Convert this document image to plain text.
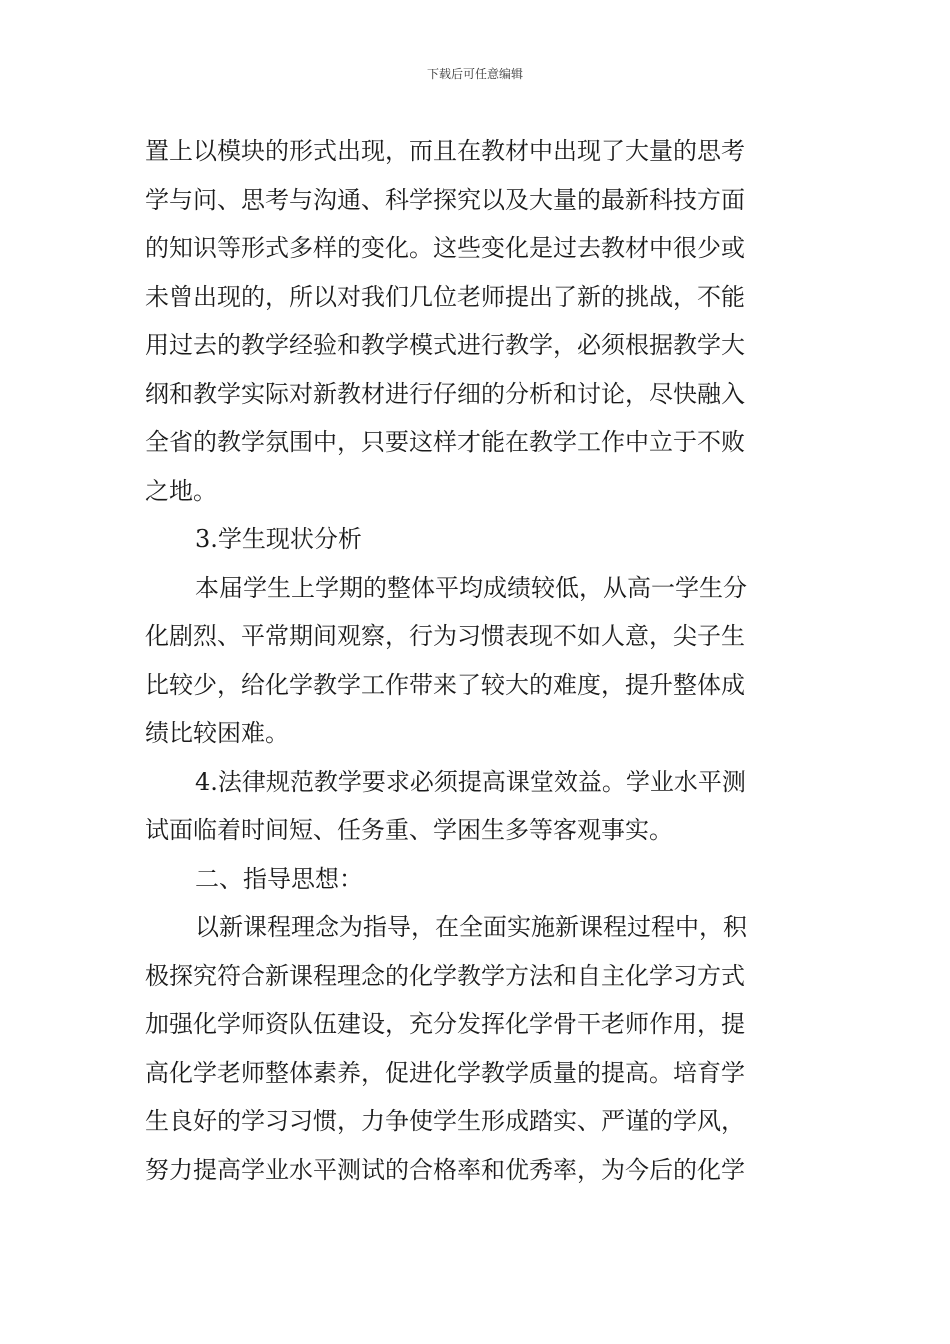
下载后可任意编辑
置上以模块的形式出现，而且在教材中出现了大量的思考
学与问、思考与沟通、科学探究以及大量的最新科技方面
的知识等形式多样的变化。这些变化是过去教材中很少或
未曾出现的，所以对我们几位老师提出了新的挑战，不能
用过去的教学经验和教学模式进行教学，必须根据教学大
纲和教学实际对新教材进行仔细的分析和讨论，尽快融入
全省的教学氛围中，只要这样才能在教学工作中立于不败
之地。
3.学生现状分析
本届学生上学期的整体平均成绩较低，从高一学生分
化剧烈、平常期间观察，行为习惯表现不如人意，尖子生
比较少，给化学教学工作带来了较大的难度，提升整体成
绩比较困难。
4.法律规范教学要求必须提高课堂效益。学业水平测
试面临着时间短、任务重、学困生多等客观事实。
二、指导思想：
以新课程理念为指导，在全面实施新课程过程中，积
极探究符合新课程理念的化学教学方法和自主化学习方式
加强化学师资队伍建设，充分发挥化学骨干老师作用，提
高化学老师整体素养，促进化学教学质量的提高。培育学
生良好的学习习惯，力争使学生形成踏实、严谨的学风，
努力提高学业水平测试的合格率和优秀率，为今后的化学
